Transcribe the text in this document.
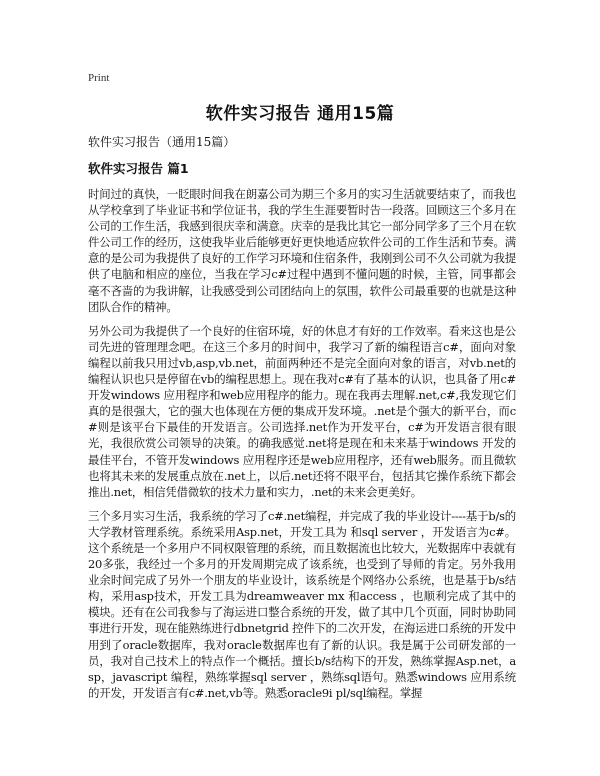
Print
软件实习报告 通用15篇
软件实习报告（通用15篇）
软件实习报告 篇1

时间过的真快，一眨眼时间我在朗嘉公司为期三个多月的实习生活就要结束了，而我也从学校拿到了毕业证书和学位证书，我的学生生涯要暂时告一段落。回顾这三个多月在公司的工作生活，我感到很庆幸和满意。庆幸的是我比其它一部分同学多了三个月在软件公司工作的经历，这使我毕业后能够更好更快地适应软件公司的工作生活和节奏。满意的是公司为我提供了良好的工作学习环境和住宿条件，我刚到公司不久公司就为我提供了电脑和相应的座位，当我在学习c#过程中遇到不懂问题的时候，主管，同事都会毫不吝啬的为我讲解，让我感受到公司团结向上的氛围，软件公司最重要的也就是这种团队合作的精神。

另外公司为我提供了一个良好的住宿环境，好的休息才有好的工作效率。看来这也是公司先进的管理理念吧。在这三个多月的时间中，我学习了新的编程语言c#，面向对象编程以前我只用过vb,asp,vb.net，前面两种还不是完全面向对象的语言，对vb.net的编程认识也只是停留在vb的编程思想上。现在我对c#有了基本的认识，也具备了用c#开发windows 应用程序和web应用程序的能力。现在我再去理解.net,c#,我发现它们真的是很强大，它的强大也体现在方便的集成开发环境。.net是个强大的新平台，而c#则是该平台下最佳的开发语言。公司选择.net作为开发平台，c#为开发语言很有眼光，我很欣赏公司领导的决策。的确我感觉.net将是现在和未来基于windows 开发的最佳平台，不管开发windows 应用程序还是web应用程序，还有web服务。而且微软也将其未来的发展重点放在.net上，以后.net还将不限平台，包括其它操作系统下都会推出.net，相信凭借微软的技术力量和实力，.net的未来会更美好。

三个多月实习生活，我系统的学习了c#.net编程，并完成了我的毕业设计----基于b/s的大学教材管理系统。系统采用Asp.net，开发工具为 和sql server ，开发语言为c#。这个系统是一个多用户不同权限管理的系统，而且数据流也比较大，光数据库中表就有20多张，我经过一个多月的开发周期完成了该系统，也受到了导师的肯定。另外我用业余时间完成了另外一个朋友的毕业设计，该系统是个网络办公系统，也是基于b/s结构，采用asp技术，开发工具为dreamweaver mx 和access ，也顺利完成了其中的模块。还有在公司我参与了海运进口整合系统的开发，做了其中几个页面，同时协助同事进行开发，现在能熟练进行dbnetgrid 控件下的二次开发，在海运进口系统的开发中用到了oracle数据库，我对oracle数据库也有了新的认识。我是属于公司研发部的一员，我对自己技术上的特点作一个概括。擅长b/s结构下的开发，熟练掌握Asp.net，asp，javascript 编程，熟练掌握sql server ，熟练sql语句。熟悉windows 应用系统的开发，开发语言有c#.net,vb等。熟悉oracle9i pl/sql编程。掌握
